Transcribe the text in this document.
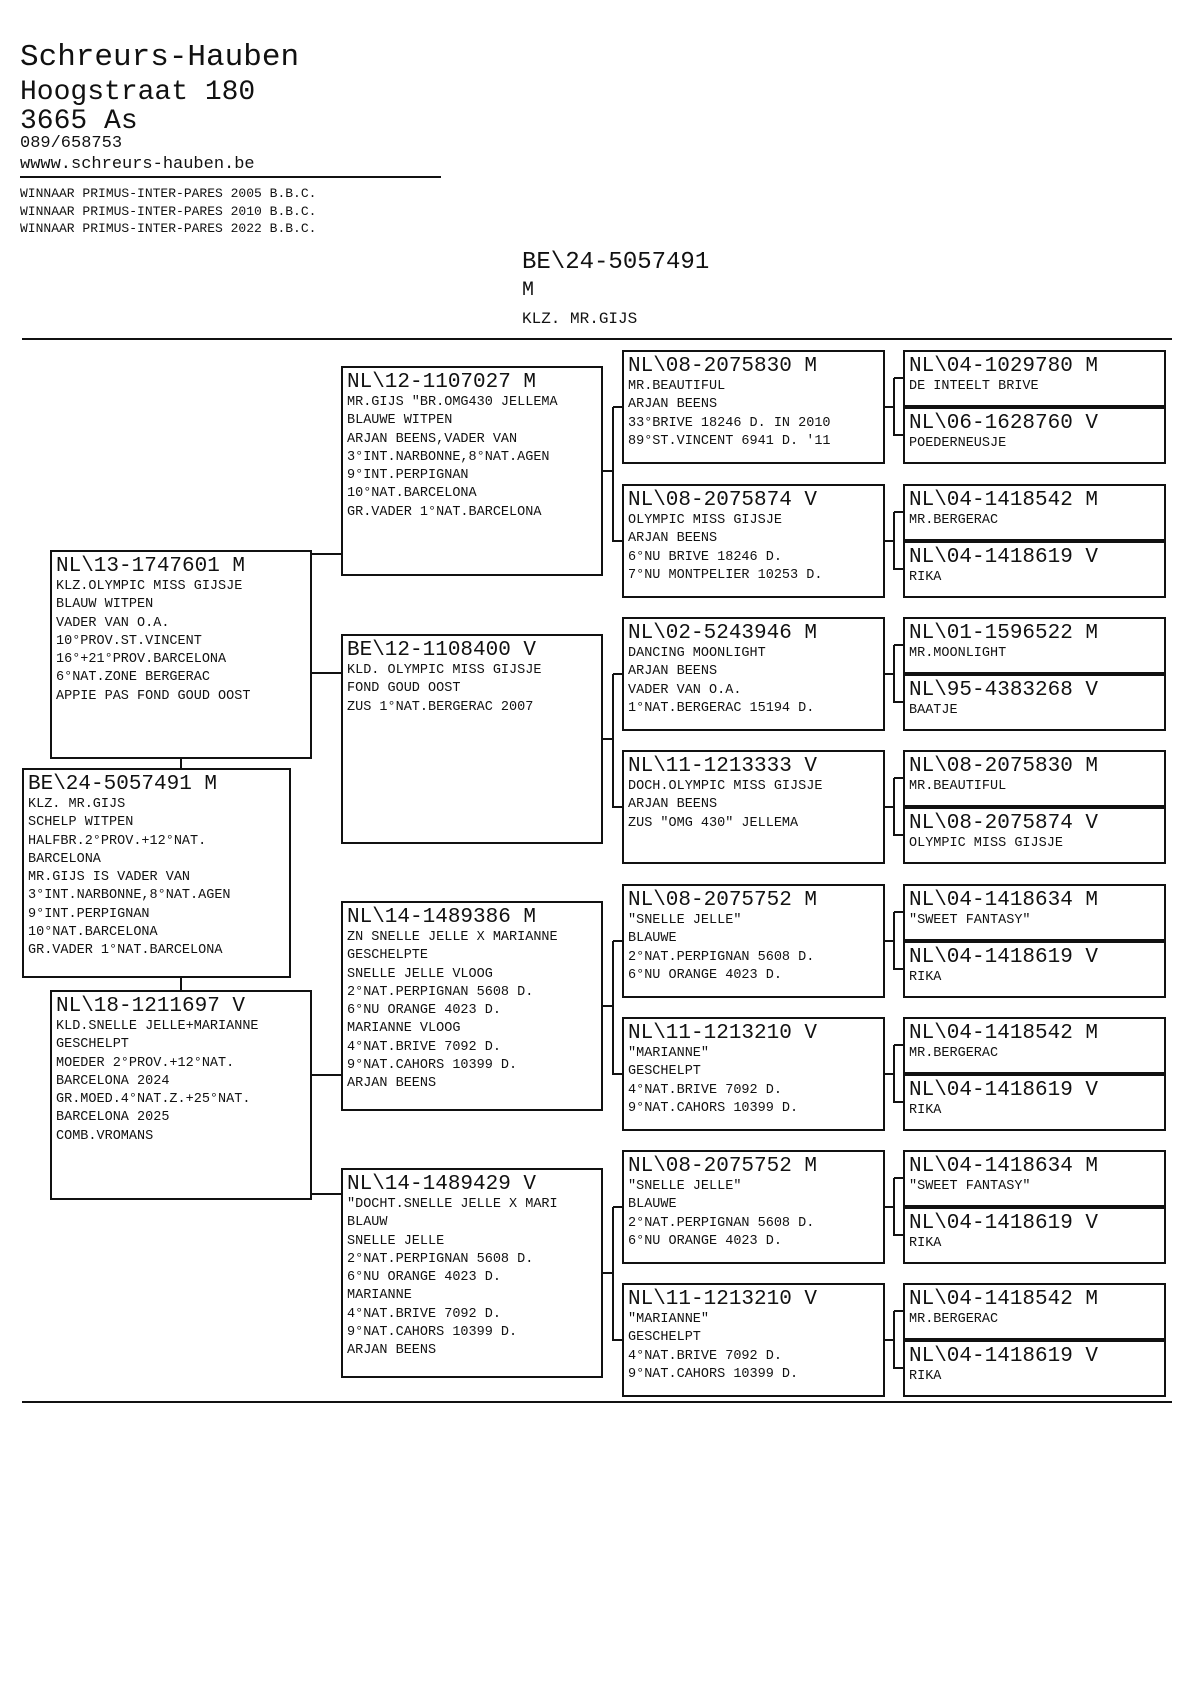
Schreurs-Hauben
Hoogstraat 180
3665 As
089/658753
wwww.schreurs-hauben.be
WINNAAR PRIMUS-INTER-PARES 2005 B.B.C.
WINNAAR PRIMUS-INTER-PARES 2010 B.B.C.
WINNAAR PRIMUS-INTER-PARES 2022 B.B.C.
BE\24-5057491
M
KLZ. MR.GIJS
BE\24-5057491 M
KLZ. MR.GIJS
SCHELP WITPEN
HALFBR.2°PROV.+12°NAT.
BARCELONA
MR.GIJS IS VADER VAN
3°INT.NARBONNE,8°NAT.AGEN
9°INT.PERPIGNAN
10°NAT.BARCELONA
GR.VADER 1°NAT.BARCELONA
NL\13-1747601 M
KLZ.OLYMPIC MISS GIJSJE
BLAUW WITPEN
VADER VAN O.A.
10°PROV.ST.VINCENT
16°+21°PROV.BARCELONA
6°NAT.ZONE BERGERAC
APPIE PAS FOND GOUD OOST
NL\18-1211697 V
KLD.SNELLE JELLE+MARIANNE
GESCHELPT
MOEDER 2°PROV.+12°NAT.
BARCELONA 2024
GR.MOED.4°NAT.Z.+25°NAT.
BARCELONA 2025
COMB.VROMANS
NL\12-1107027 M
MR.GIJS "BR.OMG430 JELLEMA
BLAUWE WITPEN
ARJAN BEENS,VADER VAN
3°INT.NARBONNE,8°NAT.AGEN
9°INT.PERPIGNAN
10°NAT.BARCELONA
GR.VADER 1°NAT.BARCELONA
BE\12-1108400 V
KLD. OLYMPIC MISS GIJSJE
FOND GOUD OOST
ZUS 1°NAT.BERGERAC 2007
NL\14-1489386 M
ZN SNELLE JELLE X MARIANNE
GESCHELPTE
SNELLE JELLE VLOOG
2°NAT.PERPIGNAN 5608 D.
6°NU ORANGE 4023 D.
MARIANNE VLOOG
4°NAT.BRIVE 7092 D.
9°NAT.CAHORS 10399 D.
ARJAN BEENS
NL\14-1489429 V
"DOCHT.SNELLE JELLE X MARI
BLAUW
SNELLE JELLE
2°NAT.PERPIGNAN 5608 D.
6°NU ORANGE 4023 D.
MARIANNE
4°NAT.BRIVE 7092 D.
9°NAT.CAHORS 10399 D.
ARJAN BEENS
NL\08-2075830 M
MR.BEAUTIFUL
ARJAN BEENS
33°BRIVE 18246 D. IN 2010
89°ST.VINCENT 6941 D. '11
NL\08-2075874 V
OLYMPIC MISS GIJSJE
ARJAN BEENS
6°NU BRIVE 18246 D.
7°NU MONTPELIER 10253 D.
NL\02-5243946 M
DANCING MOONLIGHT
ARJAN BEENS
VADER VAN O.A.
1°NAT.BERGERAC 15194 D.
NL\11-1213333 V
DOCH.OLYMPIC MISS GIJSJE
ARJAN BEENS
ZUS "OMG 430" JELLEMA
NL\08-2075752 M
"SNELLE JELLE"
BLAUWE
2°NAT.PERPIGNAN 5608 D.
6°NU ORANGE 4023 D.
NL\11-1213210 V
"MARIANNE"
GESCHELPT
4°NAT.BRIVE 7092 D.
9°NAT.CAHORS 10399 D.
NL\08-2075752 M
"SNELLE JELLE"
BLAUWE
2°NAT.PERPIGNAN 5608 D.
6°NU ORANGE 4023 D.
NL\11-1213210 V
"MARIANNE"
GESCHELPT
4°NAT.BRIVE 7092 D.
9°NAT.CAHORS 10399 D.
NL\04-1029780 M
DE INTEELT BRIVE
NL\06-1628760 V
POEDERNEUSJE
NL\04-1418542 M
MR.BERGERAC
NL\04-1418619 V
RIKA
NL\01-1596522 M
MR.MOONLIGHT
NL\95-4383268 V
BAATJE
NL\08-2075830 M
MR.BEAUTIFUL
NL\08-2075874 V
OLYMPIC MISS GIJSJE
NL\04-1418634 M
"SWEET FANTASY"
NL\04-1418619 V
RIKA
NL\04-1418542 M
MR.BERGERAC
NL\04-1418619 V
RIKA
NL\04-1418634 M
"SWEET FANTASY"
NL\04-1418619 V
RIKA
NL\04-1418542 M
MR.BERGERAC
NL\04-1418619 V
RIKA
